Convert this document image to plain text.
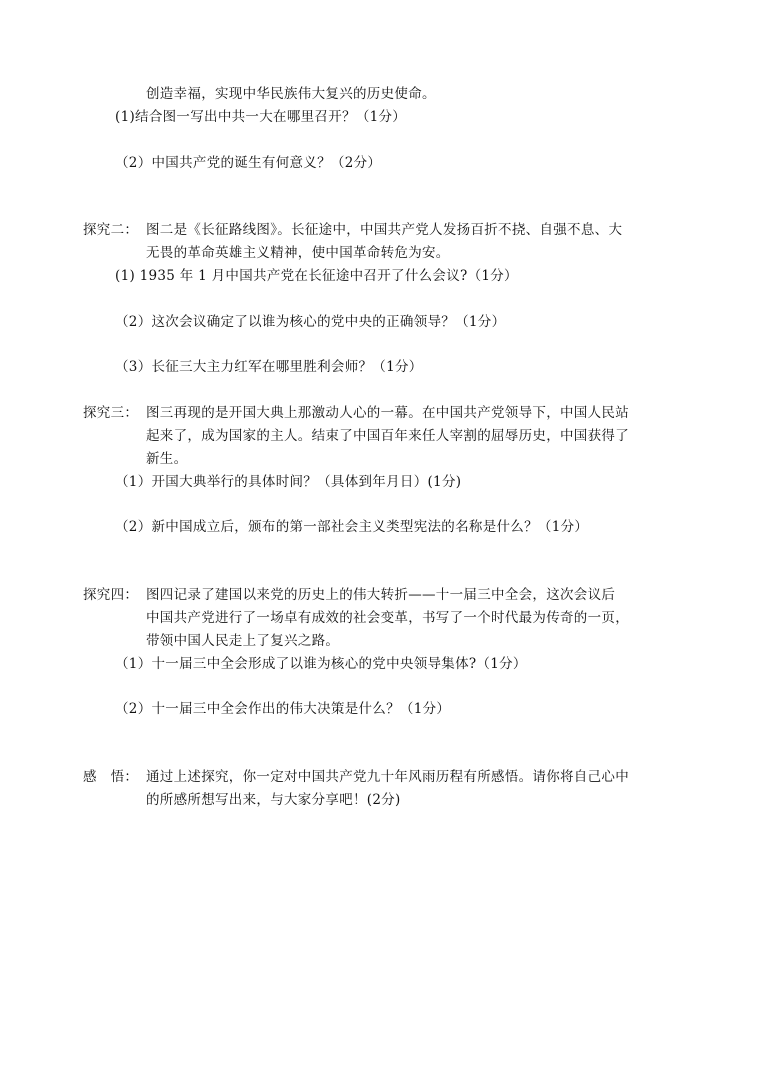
创造幸福，实现中华民族伟大复兴的历史使命。
(1)结合图一写出中共一大在哪里召开？（1分）
（2）中国共产党的诞生有何意义？（2分）
探究二： 图二是《长征路线图》。长征途中，中国共产党人发扬百折不挠、自强不息、大
无畏的革命英雄主义精神，使中国革命转危为安。
(1) 1935 年 1 月中国共产党在长征途中召开了什么会议?（1分）
（2）这次会议确定了以谁为核心的党中央的正确领导？（1分）
（3）长征三大主力红军在哪里胜利会师？（1分）
探究三： 图三再现的是开国大典上那激动人心的一幕。在中国共产党领导下，中国人民站
起来了，成为国家的主人。结束了中国百年来任人宰割的屈辱历史，中国获得了
新生。
（1）开国大典举行的具体时间？（具体到年月日）(1分)
（2）新中国成立后，颁布的第一部社会主义类型宪法的名称是什么？（1分）
探究四： 图四记录了建国以来党的历史上的伟大转折——十一届三中全会，这次会议后
中国共产党进行了一场卓有成效的社会变革，书写了一个时代最为传奇的一页，
带领中国人民走上了复兴之路。
（1）十一届三中全会形成了以谁为核心的党中央领导集体?（1分）
（2）十一届三中全会作出的伟大决策是什么？（1分）
感　悟： 通过上述探究，你一定对中国共产党九十年风雨历程有所感悟。请你将自己心中
的所感所想写出来，与大家分享吧！(2分)
